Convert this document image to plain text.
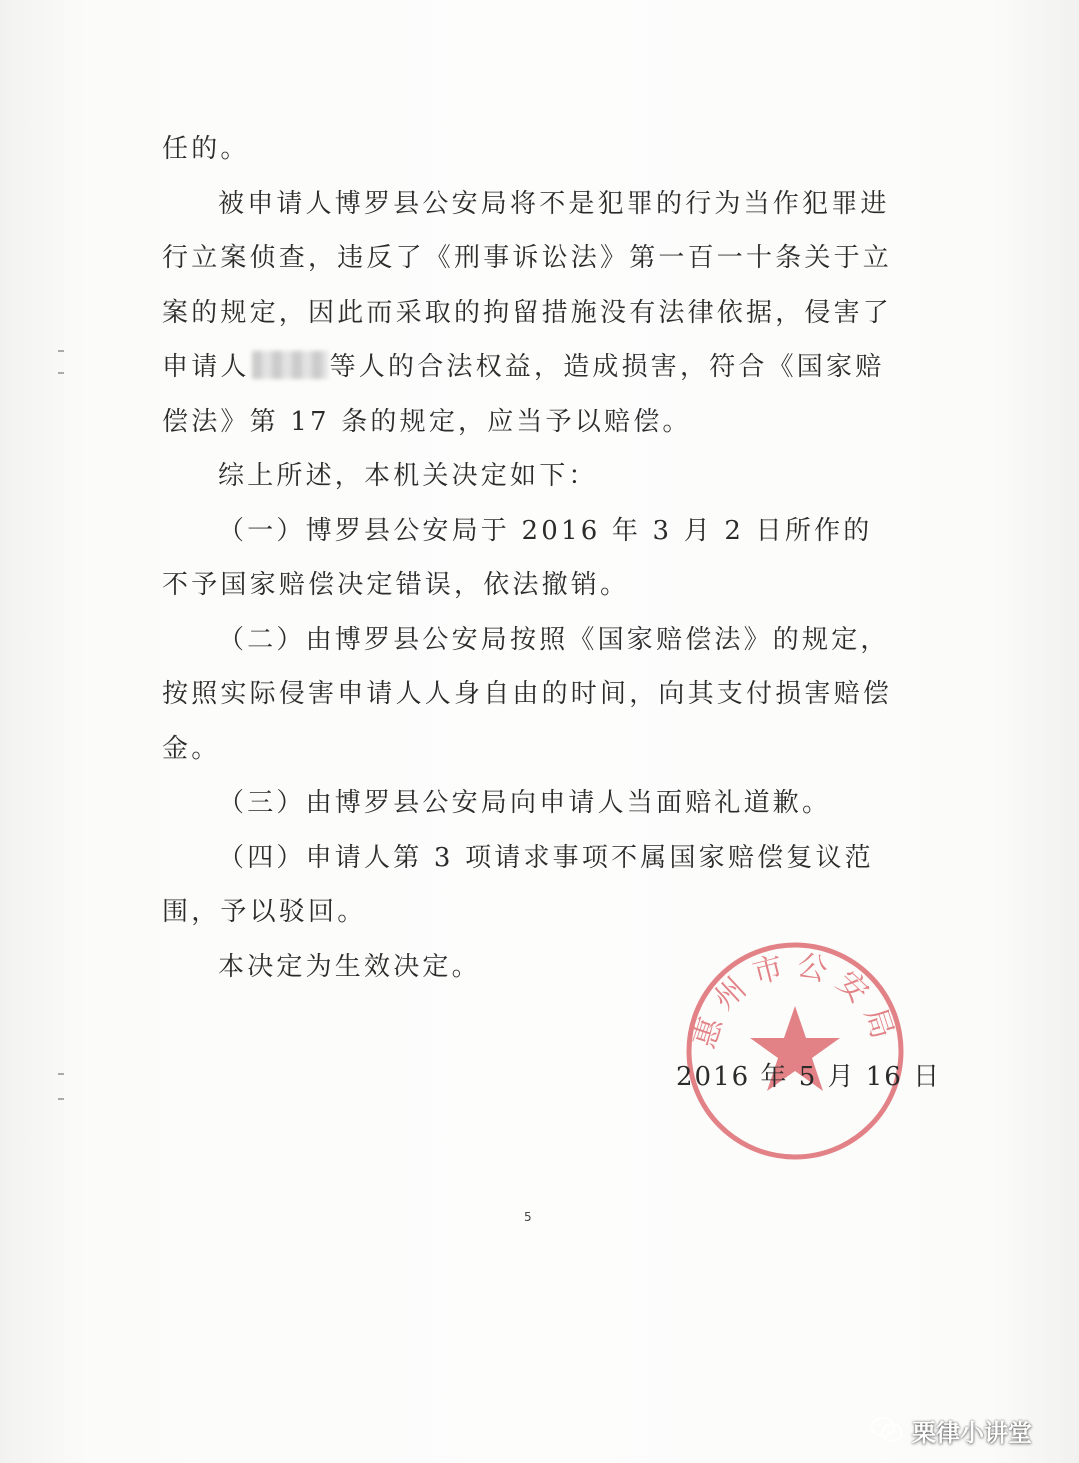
任的。

被申请人博罗县公安局将不是犯罪的行为当作犯罪进行立案侦查，违反了《刑事诉讼法》第一百一十条关于立案的规定，因此而采取的拘留措施没有法律依据，侵害了申请人	等人的合法权益，造成损害，符合《国家赔偿法》第 17 条的规定，应当予以赔偿。

综上所述，本机关决定如下：

（一）博罗县公安局于 2016 年 3 月 2 日所作的不予国家赔偿决定错误，依法撤销。

（二）由博罗县公安局按照《国家赔偿法》的规定，按照实际侵害申请人人身自由的时间，向其支付损害赔偿金。

（三）由博罗县公安局向申请人当面赔礼道歉。

（四）申请人第 3 项请求事项不属国家赔偿复议范围，予以驳回。

本决定为生效决定。

惠州市公安局
2016 年 5 月 16 日
5
栗律小讲堂
